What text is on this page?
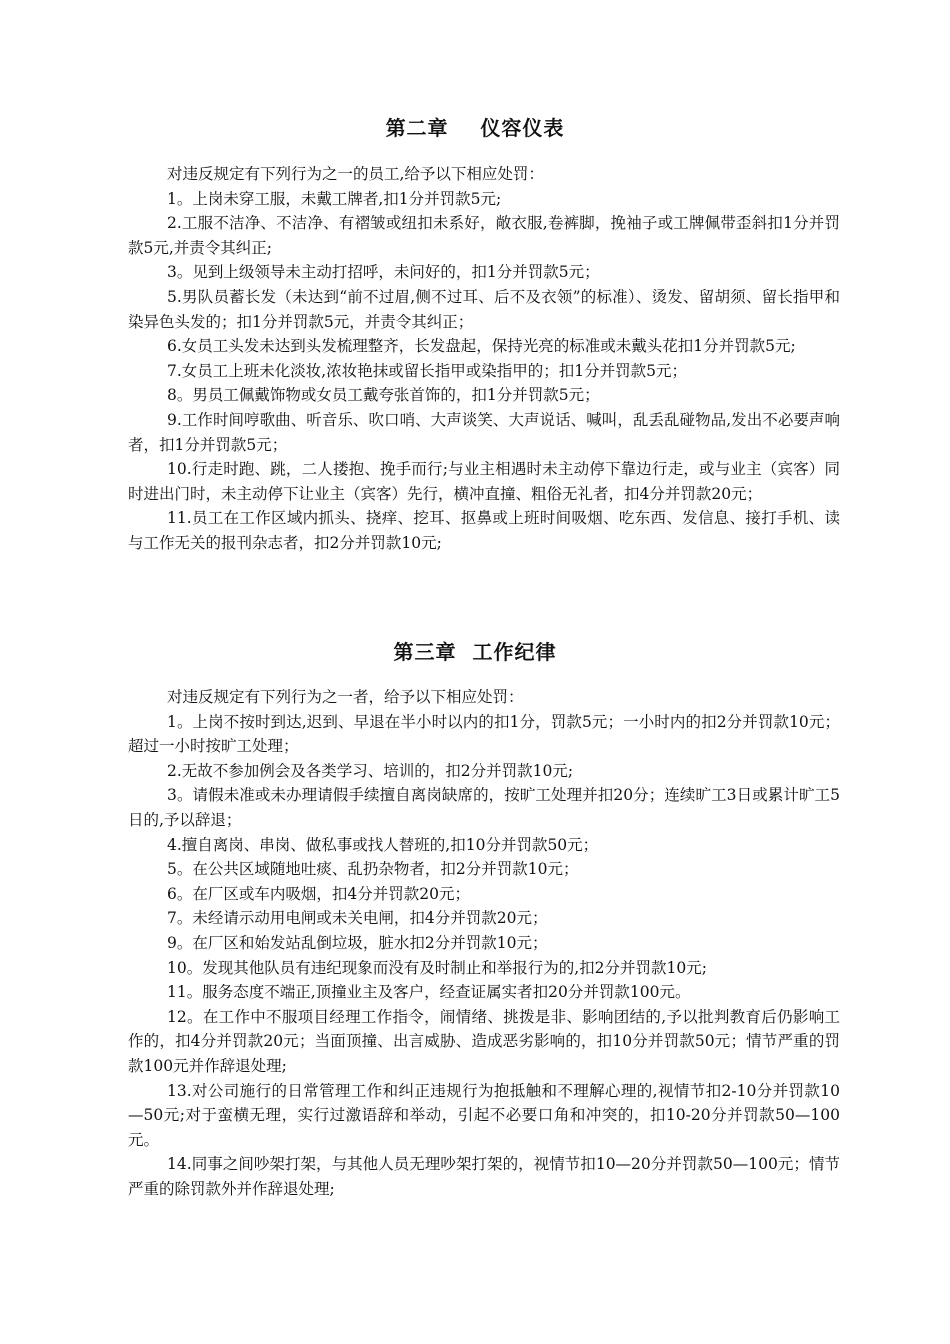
第二章    仪容仪表

对违反规定有下列行为之一的员工,给予以下相应处罚：

1。上岗未穿工服，未戴工牌者,扣1分并罚款5元;

2.工服不洁净、不洁净、有褶皱或纽扣未系好，敞衣服,卷裤脚，挽袖子或工牌佩带歪斜扣1分并罚款5元,并责令其纠正;

3。见到上级领导未主动打招呼，未问好的，扣1分并罚款5元；

5.男队员蓄长发（未达到“前不过眉,侧不过耳、后不及衣领”的标准）、烫发、留胡须、留长指甲和染异色头发的；扣1分并罚款5元，并责令其纠正；

6.女员工头发未达到头发梳理整齐，长发盘起，保持光亮的标准或未戴头花扣1分并罚款5元;

7.女员工上班未化淡妆,浓妆艳抹或留长指甲或染指甲的；扣1分并罚款5元；

8。男员工佩戴饰物或女员工戴夸张首饰的，扣1分并罚款5元；

9.工作时间哼歌曲、听音乐、吹口哨、大声谈笑、大声说话、喊叫，乱丢乱碰物品,发出不必要声响者，扣1分并罚款5元；

10.行走时跑、跳，二人搂抱、挽手而行;与业主相遇时未主动停下靠边行走，或与业主（宾客）同时进出门时，未主动停下让业主（宾客）先行，横冲直撞、粗俗无礼者，扣4分并罚款20元；

11.员工在工作区域内抓头、挠痒、挖耳、抠鼻或上班时间吸烟、吃东西、发信息、接打手机、读与工作无关的报刊杂志者，扣2分并罚款10元;

第三章  工作纪律

对违反规定有下列行为之一者，给予以下相应处罚：

1。上岗不按时到达,迟到、早退在半小时以内的扣1分，罚款5元；一小时内的扣2分并罚款10元；超过一小时按旷工处理；

2.无故不参加例会及各类学习、培训的，扣2分并罚款10元;

3。请假未准或未办理请假手续擅自离岗缺席的，按旷工处理并扣20分；连续旷工3日或累计旷工5日的,予以辞退；

4.擅自离岗、串岗、做私事或找人替班的,扣10分并罚款50元；

5。在公共区域随地吐痰、乱扔杂物者，扣2分并罚款10元；

6。在厂区或车内吸烟，扣4分并罚款20元；

7。未经请示动用电闸或未关电闸，扣4分并罚款20元；

9。在厂区和始发站乱倒垃圾，脏水扣2分并罚款10元；

10。发现其他队员有违纪现象而没有及时制止和举报行为的,扣2分并罚款10元;

11。服务态度不端正,顶撞业主及客户，经查证属实者扣20分并罚款100元。

12。在工作中不服项目经理工作指令，闹情绪、挑拨是非、影响团结的,予以批判教育后仍影响工作的，扣4分并罚款20元；当面顶撞、出言威胁、造成恶劣影响的，扣10分并罚款50元；情节严重的罚款100元并作辞退处理;

13.对公司施行的日常管理工作和纠正违规行为抱抵触和不理解心理的,视情节扣2-10分并罚款10—50元;对于蛮横无理，实行过激语辞和举动，引起不必要口角和冲突的，扣10-20分并罚款50—100元。

14.同事之间吵架打架，与其他人员无理吵架打架的，视情节扣10—20分并罚款50—100元；情节严重的除罚款外并作辞退处理;
